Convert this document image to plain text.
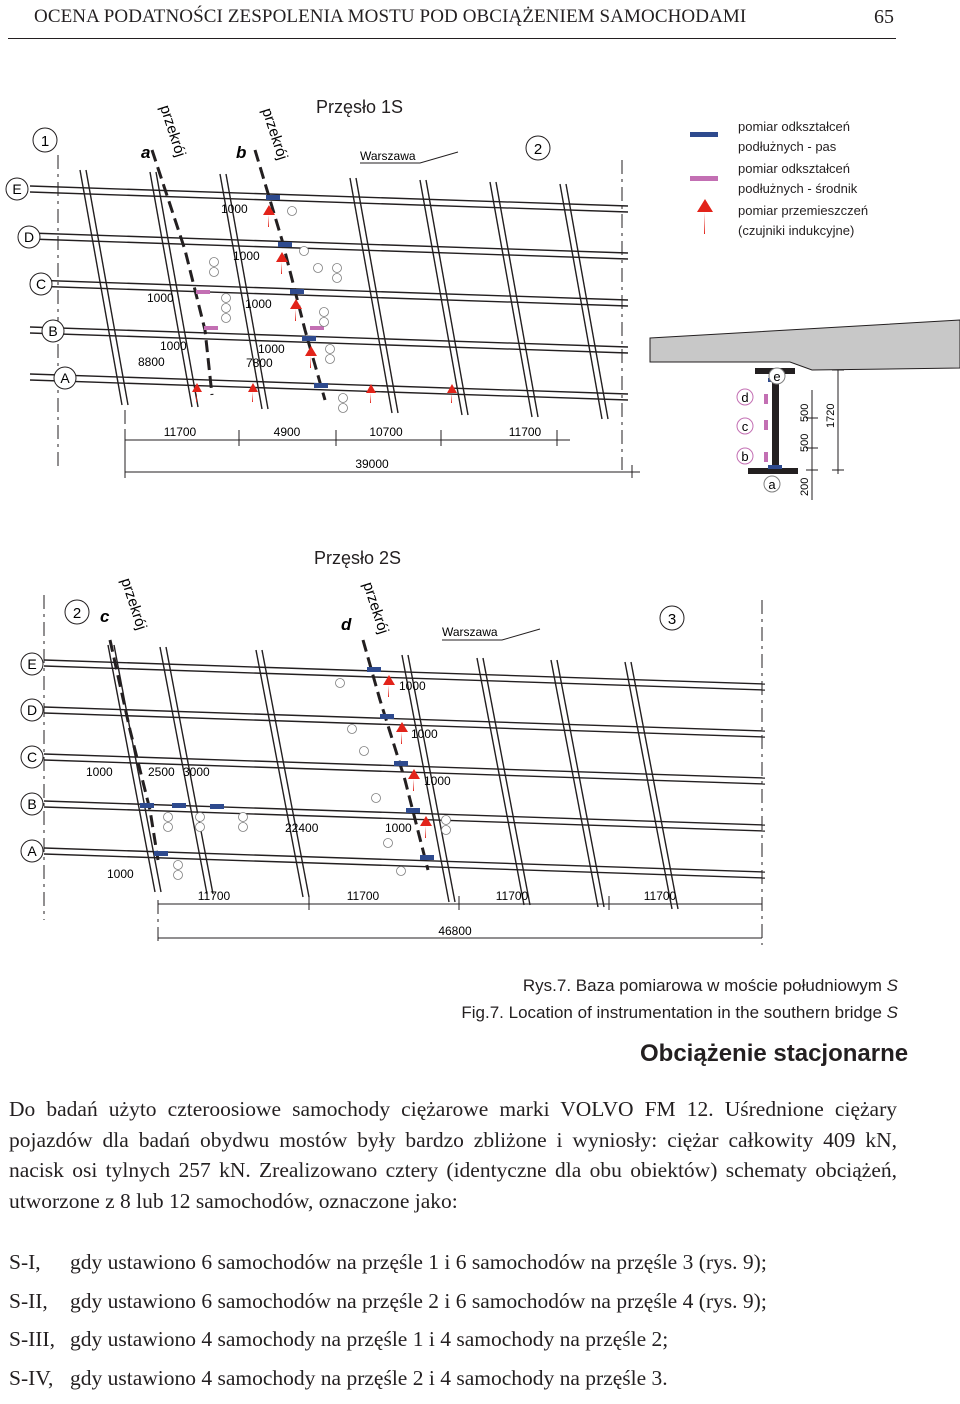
OCENA PODATNOŚCI ZESPOLENIA MOSTU POD OBCIĄŻENIEM SAMOCHODAMI	65
Przęsło 1S
1	2
E
D
C
B
A
a	b
przekrój	przekrój	Warszawa
1000
1000
1000	1000
1000	1000
8800	7800
11700	4900	10700	11700
39000
pomiar odkształceń podłużnych - pas
pomiar odkształceń podłużnych - środnik
pomiar przemieszczeń (czujniki indukcyjne)
e
d
c
b
a
500
500
200
1720
Przęsło 2S
2	3
E
D
C
B
A
c	d
przekrój	przekrój	Warszawa
1000
1000
1000
1000	2500 3000
22400	1000
1000
11700	11700	11700	11700
46800
Rys.7. Baza pomiarowa w moście południowym S
Fig.7. Location of instrumentation in the southern bridge S
Obciążenie stacjonarne
Do badań użyto czteroosiowe samochody ciężarowe marki VOLVO FM 12. Uśrednione ciężary pojazdów dla badań obydwu mostów były bardzo zbliżone i wyniosły: ciężar całkowity 409 kN, nacisk osi tylnych 257 kN. Zrealizowano cztery (identyczne dla obu obiektów) schematy obciążeń, utworzone z 8 lub 12 samochodów, oznaczone jako:
S-I, gdy ustawiono 6 samochodów na przęśle 1 i 6 samochodów na przęśle 3 (rys. 9);
S-II, gdy ustawiono 6 samochodów na przęśle 2 i 6 samochodów na przęśle 4 (rys. 9);
S-III, gdy ustawiono 4 samochody na przęśle 1 i 4 samochody na przęśle 2;
S-IV, gdy ustawiono 4 samochody na przęśle 2 i 4 samochody na przęśle 3.
